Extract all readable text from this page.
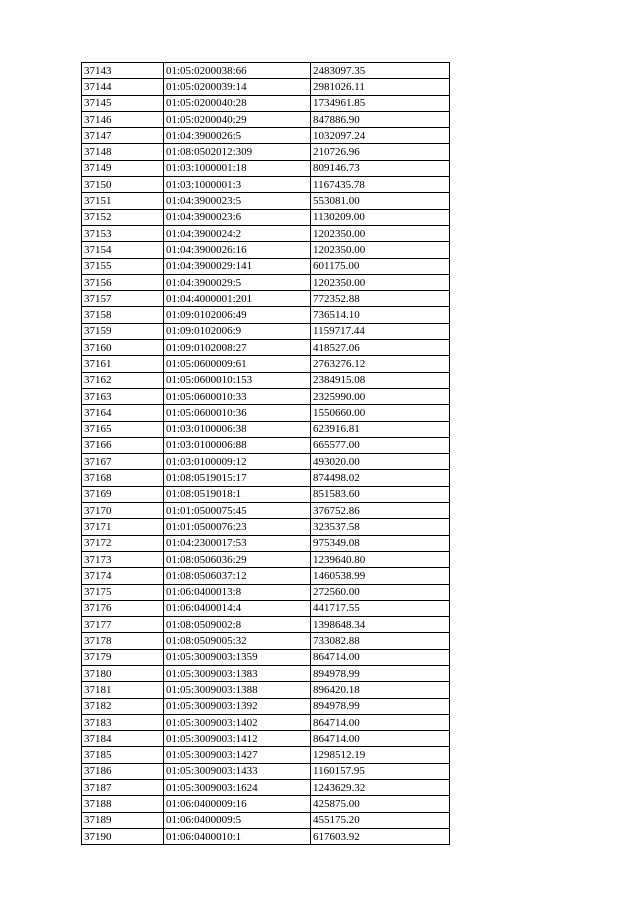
37143	01:05:0200038:66	2483097.35
37144	01:05:0200039:14	2981026.11
37145	01:05:0200040:28	1734961.85
37146	01:05:0200040:29	847886.90
37147	01:04:3900026:5	1032097.24
37148	01:08:0502012:309	210726.96
37149	01:03:1000001:18	809146.73
37150	01:03:1000001:3	1167435.78
37151	01:04:3900023:5	553081.00
37152	01:04:3900023:6	1130209.00
37153	01:04:3900024:2	1202350.00
37154	01:04:3900026:16	1202350.00
37155	01:04:3900029:141	601175.00
37156	01:04:3900029:5	1202350.00
37157	01:04:4000001:201	772352.88
37158	01:09:0102006:49	736514.10
37159	01:09:0102006:9	1159717.44
37160	01:09:0102008:27	418527.06
37161	01:05:0600009:61	2763276.12
37162	01:05:0600010:153	2384915.08
37163	01:05:0600010:33	2325990.00
37164	01:05:0600010:36	1550660.00
37165	01:03:0100006:38	623916.81
37166	01:03:0100006:88	665577.00
37167	01:03:0100009:12	493020.00
37168	01:08:0519015:17	874498.02
37169	01:08:0519018:1	851583.60
37170	01:01:0500075:45	376752.86
37171	01:01:0500076:23	323537.58
37172	01:04:2300017:53	975349.08
37173	01:08:0506036:29	1239640.80
37174	01:08:0506037:12	1460538.99
37175	01:06:0400013:8	272560.00
37176	01:06:0400014:4	441717.55
37177	01:08:0509002:8	1398648.34
37178	01:08:0509005:32	733082.88
37179	01:05:3009003:1359	864714.00
37180	01:05:3009003:1383	894978.99
37181	01:05:3009003:1388	896420.18
37182	01:05:3009003:1392	894978.99
37183	01:05:3009003:1402	864714.00
37184	01:05:3009003:1412	864714.00
37185	01:05:3009003:1427	1298512.19
37186	01:05:3009003:1433	1160157.95
37187	01:05:3009003:1624	1243629.32
37188	01:06:0400009:16	425875.00
37189	01:06:0400009:5	455175.20
37190	01:06:0400010:1	617603.92
